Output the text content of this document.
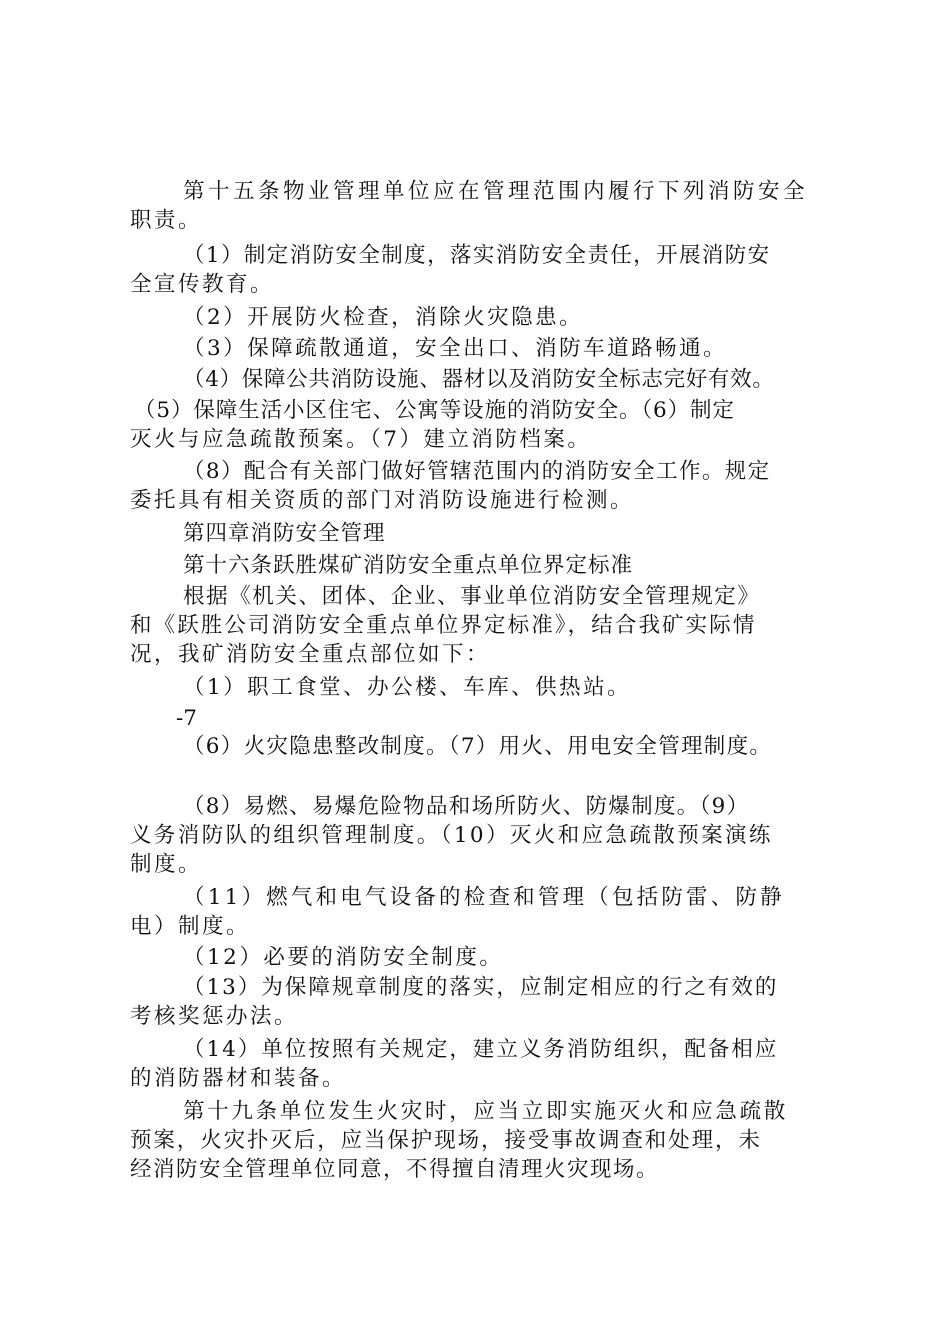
第十五条物业管理单位应在管理范围内履行下列消防安全
职责。
（1）制定消防安全制度，落实消防安全责任，开展消防安
全宣传教育。
（2）开展防火检查，消除火灾隐患。
（3）保障疏散通道，安全出口、消防车道路畅通。
（4）保障公共消防设施、器材以及消防安全标志完好有效。
（5）保障生活小区住宅、公寓等设施的消防安全。（6）制定
灭火与应急疏散预案。（7）建立消防档案。
（8）配合有关部门做好管辖范围内的消防安全工作。规定
委托具有相关资质的部门对消防设施进行检测。
第四章消防安全管理
第十六条跃胜煤矿消防安全重点单位界定标准
根据《机关、团体、企业、事业单位消防安全管理规定》
和《跃胜公司消防安全重点单位界定标准》，结合我矿实际情
况，我矿消防安全重点部位如下：
（1）职工食堂、办公楼、车库、供热站。
-7
（6）火灾隐患整改制度。（7）用火、用电安全管理制度。
（8）易燃、易爆危险物品和场所防火、防爆制度。（9）
义务消防队的组织管理制度。（10）灭火和应急疏散预案演练
制度。
（11）燃气和电气设备的检查和管理（包括防雷、防静
电）制度。
（12）必要的消防安全制度。
（13）为保障规章制度的落实，应制定相应的行之有效的
考核奖惩办法。
（14）单位按照有关规定，建立义务消防组织，配备相应
的消防器材和装备。
第十九条单位发生火灾时，应当立即实施灭火和应急疏散
预案，火灾扑灭后，应当保护现场，接受事故调查和处理，未
经消防安全管理单位同意，不得擅自清理火灾现场。
